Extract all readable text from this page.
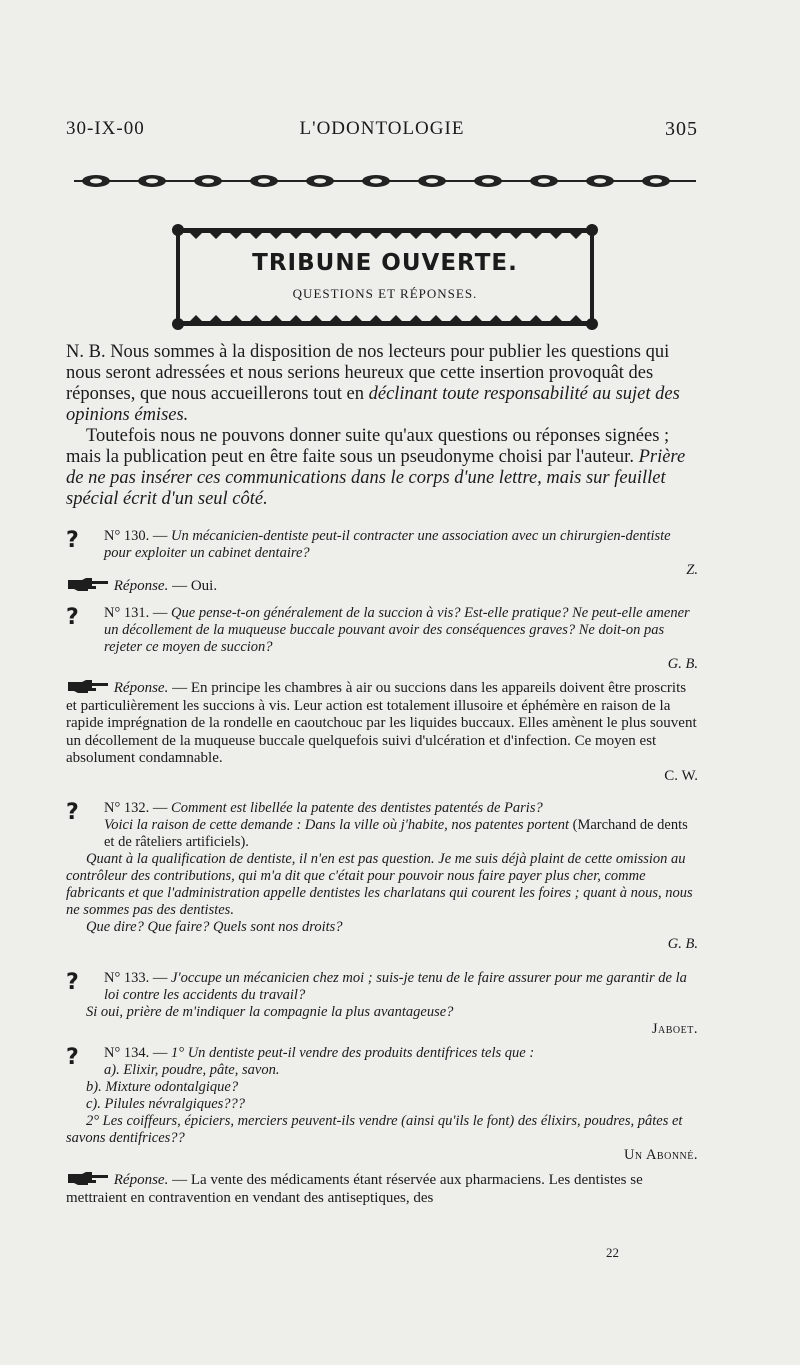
30-IX-00	L'ODONTOLOGIE	305
TRIBUNE OUVERTE.
QUESTIONS ET RÉPONSES.

N. B. Nous sommes à la disposition de nos lecteurs pour publier les questions qui nous seront adressées et nous serions heureux que cette insertion provoquât des réponses, que nous accueillerons tout en déclinant toute responsabilité au sujet des opinions émises.

Toutefois nous ne pouvons donner suite qu'aux questions ou réponses signées ; mais la publication peut en être faite sous un pseudonyme choisi par l'auteur. Prière de ne pas insérer ces communications dans le corps d'une lettre, mais sur feuillet spécial écrit d'un seul côté.

? N° 130. — Un mécanicien-dentiste peut-il contracter une association avec un chirurgien-dentiste pour exploiter un cabinet dentaire?
Z.
Réponse. — Oui.
? N° 131. — Que pense-t-on généralement de la succion à vis? Est-elle pratique? Ne peut-elle amener un décollement de la muqueuse buccale pouvant avoir des conséquences graves? Ne doit-on pas rejeter ce moyen de succion?
G. B.
Réponse. — En principe les chambres à air ou succions dans les appareils doivent être proscrits et particulièrement les succions à vis. Leur action est totalement illusoire et éphémère en raison de la rapide imprégnation de la rondelle en caoutchouc par les liquides buccaux. Elles amènent le plus souvent un décollement de la muqueuse buccale quelquefois suivi d'ulcération et d'infection. Ce moyen est absolument condamnable.
C. W.
? N° 132. — Comment est libellée la patente des dentistes patentés de Paris?
Voici la raison de cette demande : Dans la ville où j'habite, nos patentes portent (Marchand de dents et de râteliers artificiels).
Quant à la qualification de dentiste, il n'en est pas question. Je me suis déjà plaint de cette omission au contrôleur des contributions, qui m'a dit que c'était pour pouvoir nous faire payer plus cher, comme fabricants et que l'administration appelle dentistes les charlatans qui courent les foires ; quant à nous, nous ne sommes pas des dentistes.
Que dire? Que faire? Quels sont nos droits?
G. B.
? N° 133. — J'occupe un mécanicien chez moi ; suis-je tenu de le faire assurer pour me garantir de la loi contre les accidents du travail?
Si oui, prière de m'indiquer la compagnie la plus avantageuse?
Jaboet.
? N° 134. — 1° Un dentiste peut-il vendre des produits dentifrices tels que :
a). Elixir, poudre, pâte, savon.
b). Mixture odontalgique?
c). Pilules névralgiques???
2° Les coiffeurs, épiciers, merciers peuvent-ils vendre (ainsi qu'ils le font) des élixirs, poudres, pâtes et savons dentifrices??
Un Abonné.
Réponse. — La vente des médicaments étant réservée aux pharmaciens. Les dentistes se mettraient en contravention en vendant des antiseptiques, des
22
